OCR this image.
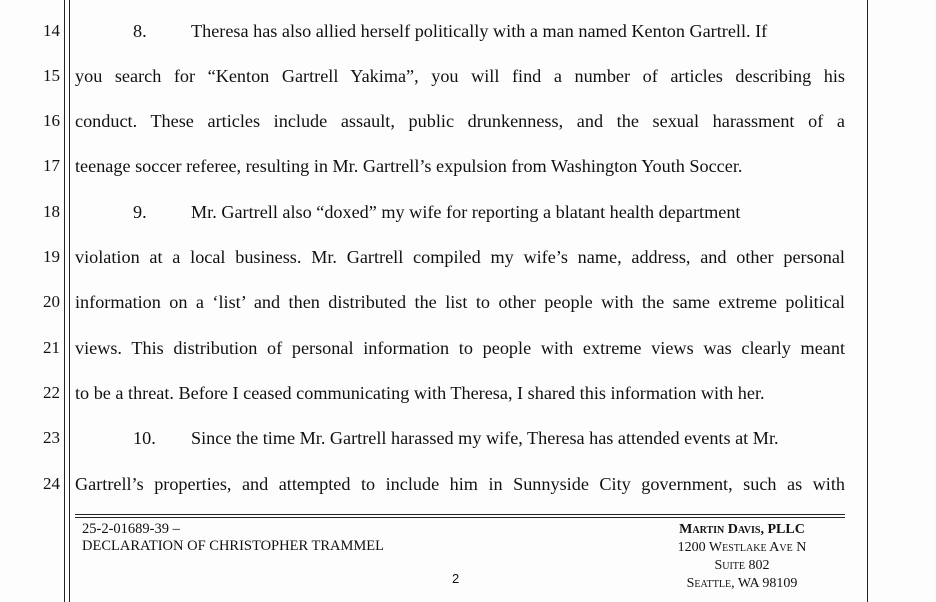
14
15
16
17
18
19
20
21
22
23
24
8. Theresa has also allied herself politically with a man named Kenton Gartrell. If
you search for “Kenton Gartrell Yakima”, you will find a number of articles describing his
conduct. These articles include assault, public drunkenness, and the sexual harassment of a
teenage soccer referee, resulting in Mr. Gartrell’s expulsion from Washington Youth Soccer.
9. Mr. Gartrell also “doxed” my wife for reporting a blatant health department
violation at a local business. Mr. Gartrell compiled my wife’s name, address, and other personal
information on a ‘list’ and then distributed the list to other people with the same extreme political
views. This distribution of personal information to people with extreme views was clearly meant
to be a threat. Before I ceased communicating with Theresa, I shared this information with her.
10. Since the time Mr. Gartrell harassed my wife, Theresa has attended events at Mr.
Gartrell’s properties, and attempted to include him in Sunnyside City government, such as with
25-2-01689-39 –
DECLARATION OF CHRISTOPHER TRAMMEL
2
Martin Davis, PLLC
1200 Westlake Ave N
Suite 802
Seattle, WA 98109
